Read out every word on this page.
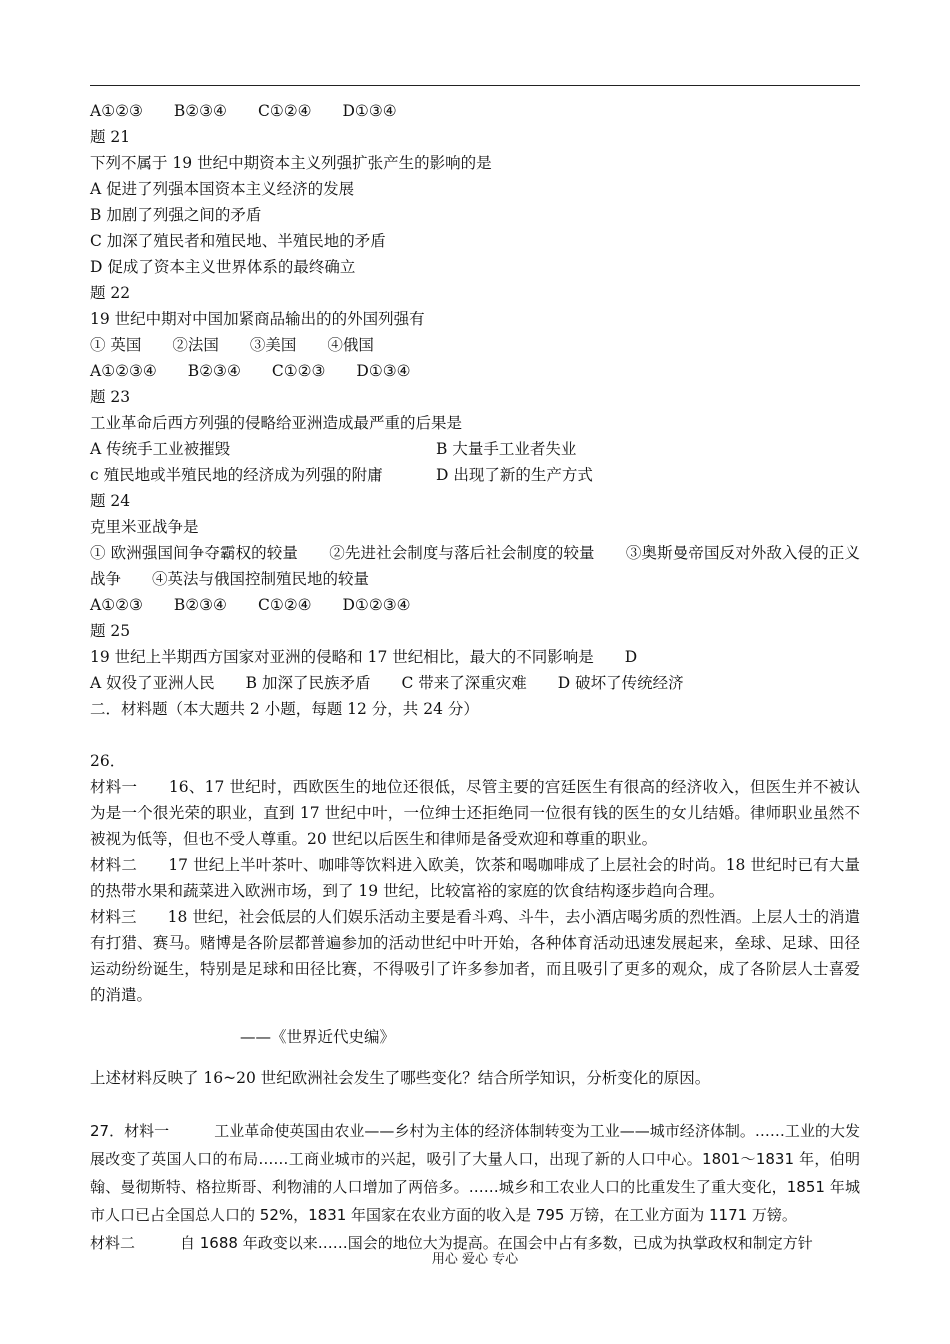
A①②③　　B②③④　　C①②④　　D①③④

题 21

下列不属于 19 世纪中期资本主义列强扩张产生的影响的是

A 促进了列强本国资本主义经济的发展

B 加剧了列强之间的矛盾

C 加深了殖民者和殖民地、半殖民地的矛盾

D 促成了资本主义世界体系的最终确立

题 22

19 世纪中期对中国加紧商品输出的的外国列强有

① 英国　　②法国　　③美国　　④俄国

A①②③④　　B②③④　　C①②③　　D①③④

题 23

工业革命后西方列强的侵略给亚洲造成最严重的后果是

A 传统手工业被摧毁	B 大量手工业者失业
c 殖民地或半殖民地的经济成为列强的附庸	D 出现了新的生产方式

题 24

克里米亚战争是

① 欧洲强国间争夺霸权的较量　　②先进社会制度与落后社会制度的较量　　③奥斯曼帝国反对外敌入侵的正义战争　　④英法与俄国控制殖民地的较量

A①②③　　B②③④　　C①②④　　D①②③④

题 25

19 世纪上半期西方国家对亚洲的侵略和 17 世纪相比，最大的不同影响是　　D

A 奴役了亚洲人民　　B 加深了民族矛盾　　C 带来了深重灾难　　D 破坏了传统经济

二．材料题（本大题共 2 小题，每题 12 分，共 24 分）

26．

材料一　　16、17 世纪时，西欧医生的地位还很低，尽管主要的宫廷医生有很高的经济收入，但医生并不被认为是一个很光荣的职业，直到 17 世纪中叶，一位绅士还拒绝同一位很有钱的医生的女儿结婚。律师职业虽然不被视为低等，但也不受人尊重。20 世纪以后医生和律师是备受欢迎和尊重的职业。

材料二　　17 世纪上半叶茶叶、咖啡等饮料进入欧美，饮茶和喝咖啡成了上层社会的时尚。18 世纪时已有大量的热带水果和蔬菜进入欧洲市场，到了 19 世纪，比较富裕的家庭的饮食结构逐步趋向合理。

材料三　　18 世纪，社会低层的人们娱乐活动主要是看斗鸡、斗牛，去小酒店喝劣质的烈性酒。上层人士的消遣有打猎、赛马。赌博是各阶层都普遍参加的活动世纪中叶开始，各种体育活动迅速发展起来，垒球、足球、田径运动纷纷诞生，特别是足球和田径比赛，不得吸引了许多参加者，而且吸引了更多的观众，成了各阶层人士喜爱的消遣。

——《世界近代史编》

上述材料反映了 16~20 世纪欧洲社会发生了哪些变化？结合所学知识，分析变化的原因。

27．材料一　　　工业革命使英国由农业——乡村为主体的经济体制转变为工业——城市经济体制。……工业的大发展改变了英国人口的布局……工商业城市的兴起，吸引了大量人口，出现了新的人口中心。1801～1831 年，伯明翰、曼彻斯特、格拉斯哥、利物浦的人口增加了两倍多。……城乡和工农业人口的比重发生了重大变化，1851 年城市人口已占全国总人口的 52%，1831 年国家在农业方面的收入是 795 万镑，在工业方面为 1171 万镑。

材料二　　　自 1688 年政变以来……国会的地位大为提高。在国会中占有多数，已成为执掌政权和制定方针

用心 爱心 专心
